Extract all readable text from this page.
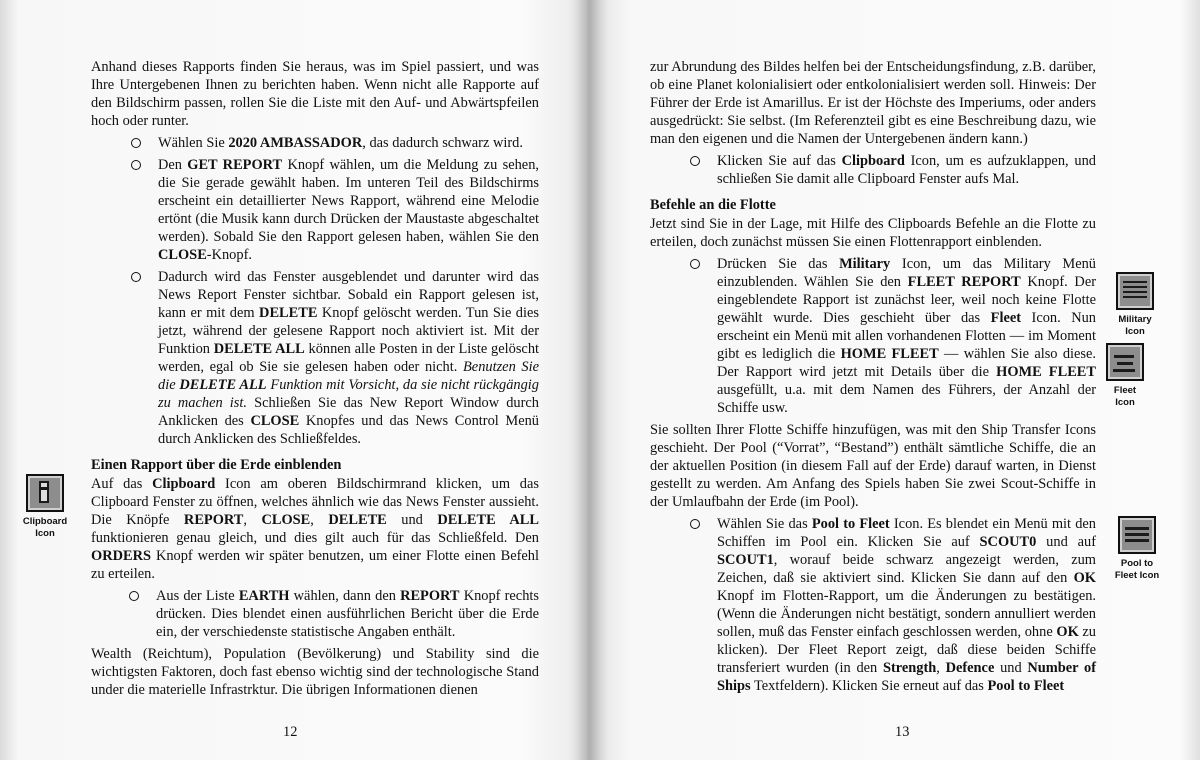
Anhand dieses Rapports finden Sie heraus, was im Spiel passiert, und was Ihre Untergebenen Ihnen zu berichten haben. Wenn nicht alle Rapporte auf den Bildschirm passen, rollen Sie die Liste mit den Auf- und Abwärtspfeilen hoch oder runter.

Wählen Sie 2020 AMBASSADOR, das dadurch schwarz wird.
Den GET REPORT Knopf wählen, um die Meldung zu sehen, die Sie gerade gewählt haben. Im unteren Teil des Bildschirms erscheint ein detaillierter News Rapport, während eine Melodie ertönt (die Musik kann durch Drücken der Maustaste abgeschaltet werden). Sobald Sie den Rapport gelesen haben, wählen Sie den CLOSE-Knopf.
Dadurch wird das Fenster ausgeblendet und darunter wird das News Report Fenster sichtbar. Sobald ein Rapport gelesen ist, kann er mit dem DELETE Knopf gelöscht werden. Tun Sie dies jetzt, während der gelesene Rapport noch aktiviert ist. Mit der Funktion DELETE ALL können alle Posten in der Liste gelöscht werden, egal ob Sie sie gelesen haben oder nicht. Benutzen Sie die DELETE ALL Funktion mit Vorsicht, da sie nicht rückgängig zu machen ist. Schließen Sie das New Report Window durch Anklicken des CLOSE Knopfes und das News Control Menü durch Anklicken des Schließfeldes.
Einen Rapport über die Erde einblenden

Auf das Clipboard Icon am oberen Bildschirmrand klicken, um das Clipboard Fenster zu öffnen, welches ähnlich wie das News Fenster aussieht. Die Knöpfe REPORT, CLOSE, DELETE und DELETE ALL funktionieren genau gleich, und dies gilt auch für das Schließfeld. Den ORDERS Knopf werden wir später benutzen, um einer Flotte einen Befehl zu erteilen.

Aus der Liste EARTH wählen, dann den REPORT Knopf rechts drücken. Dies blendet einen ausführlichen Bericht über die Erde ein, der verschiedenste statistische Angaben enthält.

Wealth (Reichtum), Population (Bevölkerung) und Stability sind die wichtigsten Faktoren, doch fast ebenso wichtig sind der technologische Stand under die materielle Infrastrktur. Die übrigen Informationen dienen

Clipboard
Icon
12

zur Abrundung des Bildes helfen bei der Entscheidungsfindung, z.B. darüber, ob eine Planet kolonialisiert oder entkolonialisiert werden soll. Hinweis: Der Führer der Erde ist Amarillus. Er ist der Höchste des Imperiums, oder anders ausgedrückt: Sie selbst. (Im Referenzteil gibt es eine Beschreibung dazu, wie man den eigenen und die Namen der Untergebenen ändern kann.)

Klicken Sie auf das Clipboard Icon, um es aufzuklappen, und schließen Sie damit alle Clipboard Fenster aufs Mal.
Befehle an die Flotte

Jetzt sind Sie in der Lage, mit Hilfe des Clipboards Befehle an die Flotte zu erteilen, doch zunächst müssen Sie einen Flottenrapport einblenden.

Drücken Sie das Military Icon, um das Military Menü einzublenden. Wählen Sie den FLEET REPORT Knopf. Der eingeblendete Rapport ist zunächst leer, weil noch keine Flotte gewählt wurde. Dies geschieht über das Fleet Icon. Nun erscheint ein Menü mit allen vorhandenen Flotten — im Moment gibt es lediglich die HOME FLEET — wählen Sie also diese. Der Rapport wird jetzt mit Details über die HOME FLEET ausgefüllt, u.a. mit dem Namen des Führers, der Anzahl der Schiffe usw.

Sie sollten Ihrer Flotte Schiffe hinzufügen, was mit den Ship Transfer Icons geschieht. Der Pool (“Vorrat”, “Bestand”) enthält sämtliche Schiffe, die an der aktuellen Position (in diesem Fall auf der Erde) darauf warten, in Dienst gestellt zu werden. Am Anfang des Spiels haben Sie zwei Scout-Schiffe in der Umlaufbahn der Erde (im Pool).

Wählen Sie das Pool to Fleet Icon. Es blendet ein Menü mit den Schiffen im Pool ein. Klicken Sie auf SCOUT0 und auf SCOUT1, worauf beide schwarz angezeigt werden, zum Zeichen, daß sie aktiviert sind. Klicken Sie dann auf den OK Knopf im Flotten-Rapport, um die Änderungen zu bestätigen. (Wenn die Änderungen nicht bestätigt, sondern annulliert werden sollen, muß das Fenster einfach geschlossen werden, ohne OK zu klicken). Der Fleet Report zeigt, daß diese beiden Schiffe transferiert wurden (in den Strength, Defence und Number of Ships Textfeldern). Klicken Sie erneut auf das Pool to Fleet
Military
Icon
Fleet
Icon
Pool to
Fleet Icon
13
